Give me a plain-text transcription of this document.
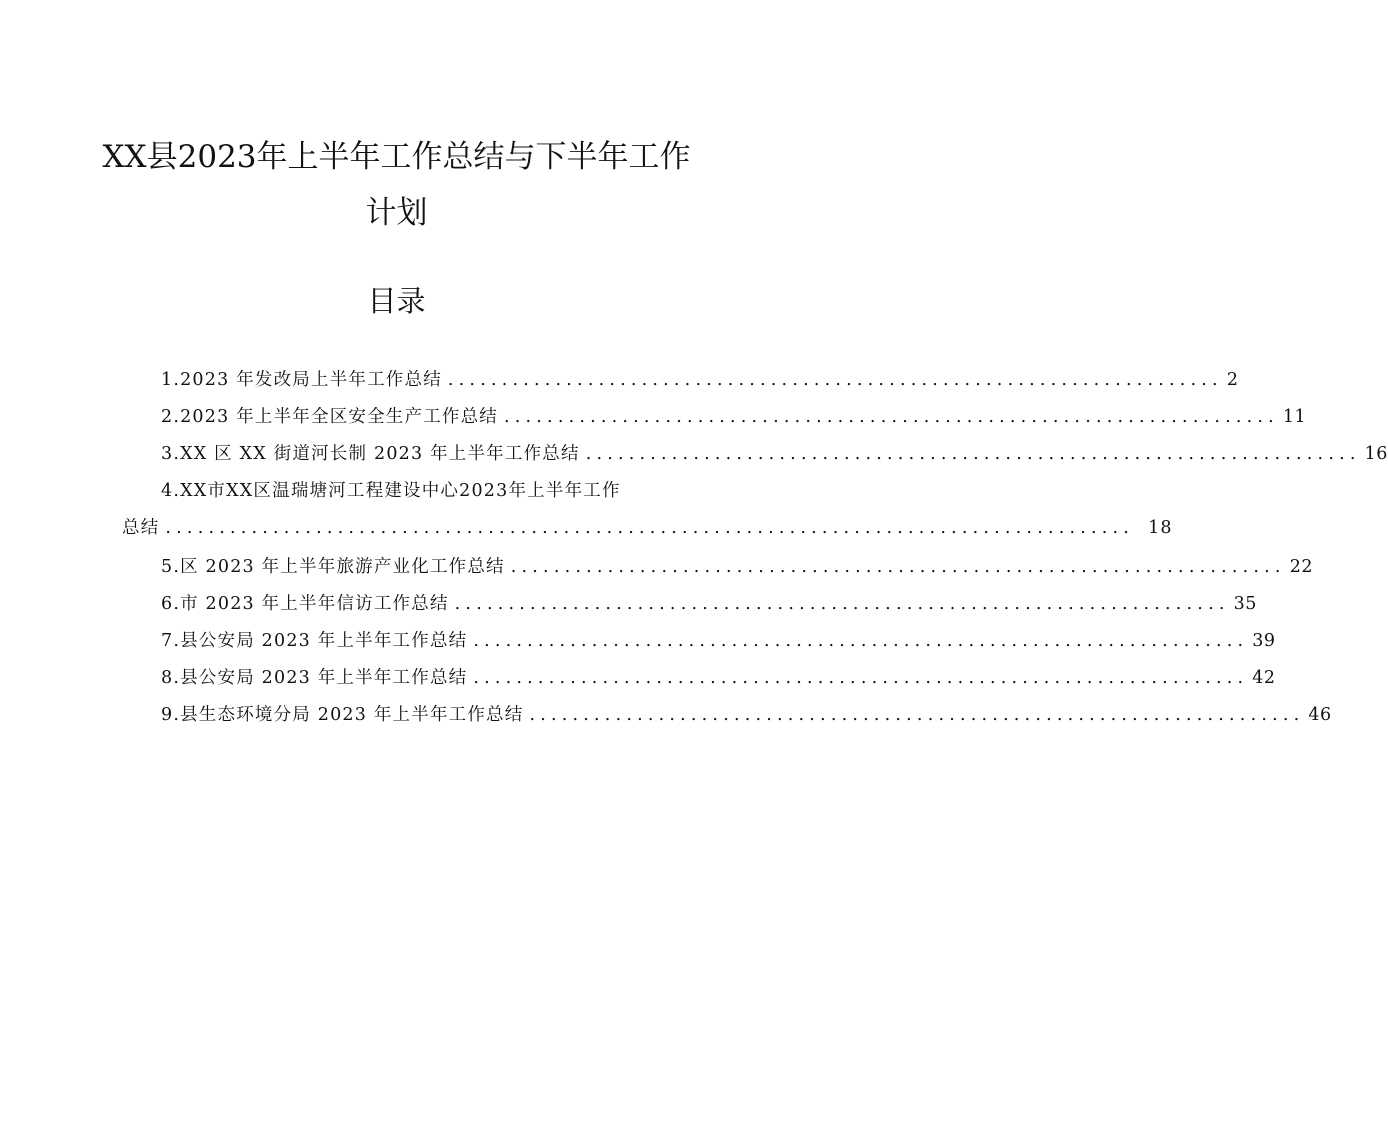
XX县2023年上半年工作总结与下半年工作
计划
目录
1.2023 年发改局上半年工作总结 ........................................................................ 2
2.2023 年上半年全区安全生产工作总结 ........................................................................ 11
3.XX 区 XX 街道河长制 2023 年上半年工作总结 ........................................................................ 16
4.XX市XX区温瑞塘河工程建设中心2023年上半年工作
总结 .......................................................................................... 18
5.区 2023 年上半年旅游产业化工作总结 ........................................................................ 22
6.市 2023 年上半年信访工作总结 ........................................................................ 35
7.县公安局 2023 年上半年工作总结 ........................................................................ 39
8.县公安局 2023 年上半年工作总结 ........................................................................ 42
9.县生态环境分局 2023 年上半年工作总结 ........................................................................ 46
